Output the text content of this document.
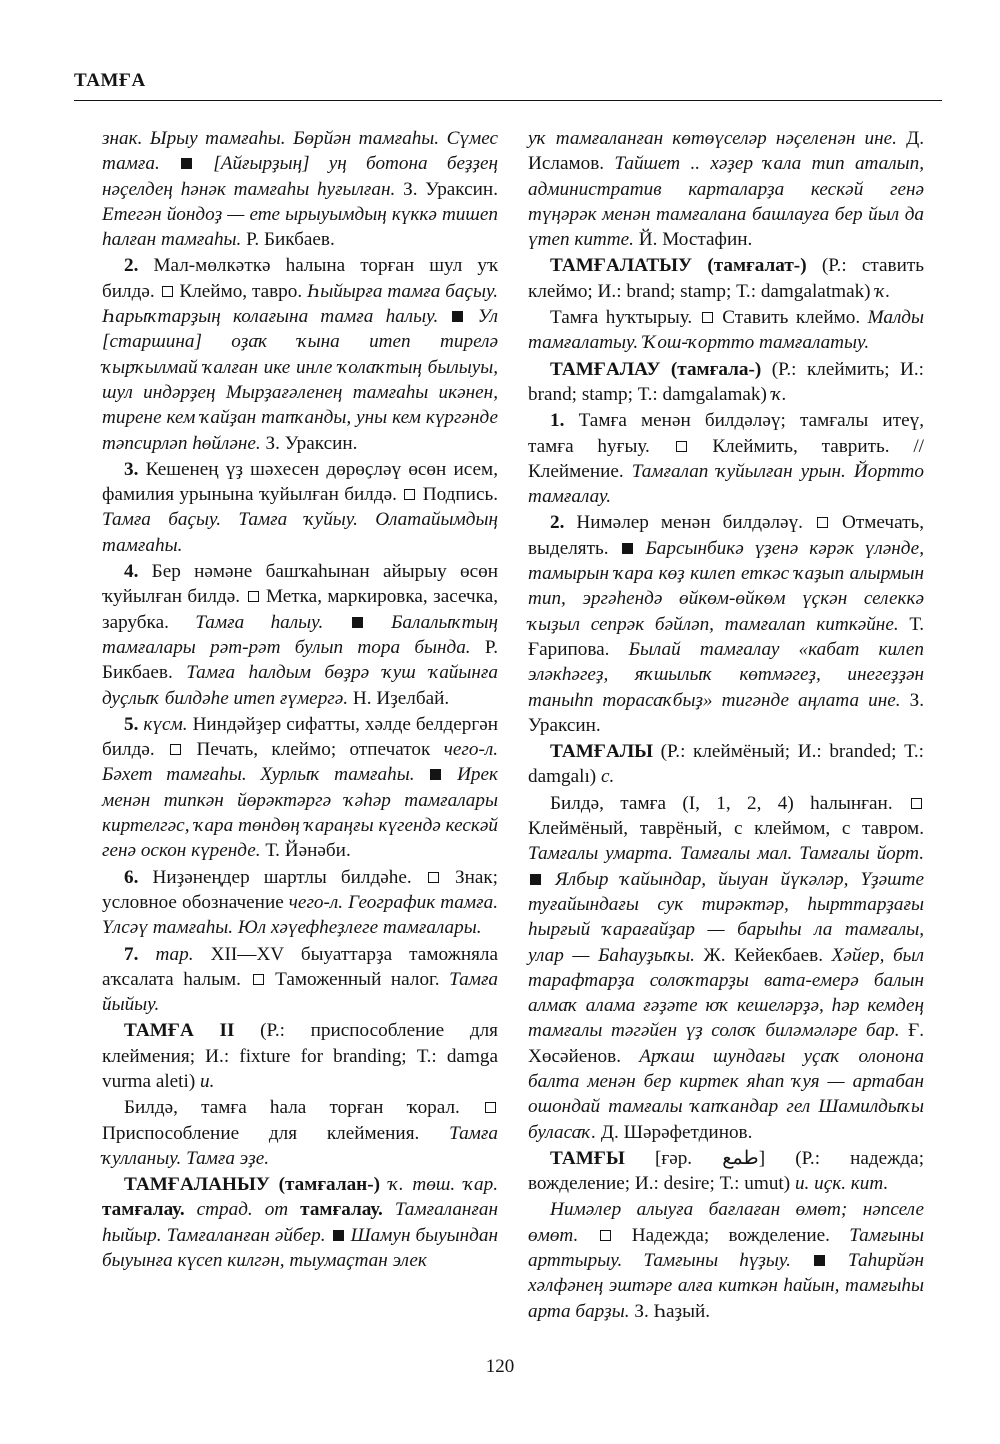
ТАМҒА

знак. Ырыу тамғаһы. Бөрйән тамғаһы. Сүмес тамға.	[Айғырҙың] уң ботона беҙҙең нәҫелдең һәнәк тамғаһы һуғылған. З. Ураксин. Етегән йондоҙ — ете ырыуымдың күккә тишеп һалған тамғаһы. Р. Бикбаев.

2. Мал-мөлкәткә һалына торған шул уҡ билдә. Клеймо, тавро. Һыйырға тамға баҫыу. Һарыҡтарҙың колағына тамға һалыу. Ул [старшина] оҙаҡ ҡына итеп тирелә ҡырҡылмай ҡалған ике инле ҡолаҡтың былыуы, шул индәрҙең Мырҙағәленең тамғаһы икәнен, тирене кем ҡайҙан тапҡанды, уны кем күргәнде тәпсирләп һөйләне. З. Ураксин.

3. Кешенең үҙ шәхесен дөрөҫләү өсөн исем, фамилия урынына ҡуйылған билдә. Подпись. Тамға баҫыу. Тамға ҡуйыу. Олатайымдың тамғаһы.

4. Бер нәмәне башҡаһынан айырыу өсөн ҡуйылған билдә. Метка, маркировка, засечка, зарубка. Тамға һалыу.	Балалыҡтың тамғалары рәт-рәт булып тора бында. Р. Бикбаев. Тамға һалдым бөҙрә ҡуш ҡайынға дуҫлыҡ билдәһе итеп ғүмергә. Н. Иҙелбай.

5. күсм. Ниндәйҙер сифатты, хәлде белдергән билдә. Печать, клеймо; отпечаток чего-л. Бәхет тамғаһы. Хурлыҡ тамғаһы. Ирек менән типкән йөрәктәргә ҡәһәр тамғалары киртелгәс, ҡара төндөң ҡараңғы күгендә кескәй генә оскон күренде. Т. Йәнәби.

6. Ниҙәнеңдер шартлы билдәһе. Знак; условное обозначение чего-л. Географик тамға. Үлсәү тамғаһы. Юл хәүефһеҙлеге тамғалары.

7. тар. XII—XV быуаттарҙа таможняла аҡсалата һалым. Таможенный налог. Тамға йыйыу.

ТАМҒА II (Р.: приспособление для клеймения; И.: fixture for branding; Т.: damga vurma aleti) и.

Билдә, тамға һала торған ҡорал.  Приспособление для клеймения. Тамға ҡулланыу. Тамға эҙе.

ТАМҒАЛАНЫУ (тамғалан-) ҡ. төш. ҡар. тамғалау. страд. от тамғалау. Тамғаланған һыйыр. Тамғаланған әйбер. Шамун быуындан быуынға күсеп килгән, тыумаҫтан элек

уҡ тамғаланған көтөүселәр нәҫеленән ине. Д. Исламов. Тайшет .. хәҙер ҡала тип аталып, административ карталарҙа кескәй генә түңәрәк менән тамғалана башлауға бер йыл да үтеп китте. Й. Мостафин.

ТАМҒАЛАТЫУ (тамғалат-) (Р.: ставить клеймо; И.: brand; stamp; Т.: damgalatmak) ҡ.

Тамға һуҡтырыу. Ставить клеймо. Малды тамғалатыу. Ҡош-ҡортто тамғалатыу.

ТАМҒАЛАУ (тамғала-) (Р.: клеймить; И.: brand; stamp; Т.: damgalamak) ҡ.

1. Тамға менән билдәләү; тамғалы итеү, тамға һуғыу.	Клеймить, таврить. // Клеймение. Тамғалап ҡуйылған урын. Йортто тамғалау.

2. Нимәлер менән билдәләү. Отмечать, выделять. Барсынбикә үҙенә кәрәк үләнде, тамырын ҡара көҙ килеп еткәс ҡаҙып алырмын тип, эргәһендә өйкөм-өйкөм үҫкән селеккә ҡыҙыл сепрәк бәйләп, тамғалап киткәйне. Т. Ғарипова. Былай тамғалау «кабат килеп эләкһәгеҙ, яҡшылыҡ көтмәгеҙ, инегеҙҙән таныһп торасаҡбыҙ» тигәнде аңлата ине. З. Ураксин.

ТАМҒАЛЫ (Р.: клеймёный; И.: branded; Т.: damgalı) с.

Билдә, тамға (I, 1, 2, 4) һалынған.  Клеймёный, таврёный, с клеймом, с тавром. Тамғалы умарта. Тамғалы мал. Тамғалы йорт.  Ялбыр ҡайындар, йыуан йүкәләр, Үҙәште туғайындағы сук тирәктәр, һырттарҙағы һырғый ҡарағайҙар — барыһы ла тамғалы, улар — Баһауҙыҡы. Ж. Кейекбаев. Хәйер, был тарафтарҙа солоҡтарҙы вата-емерә балын алмаҡ алама ғәҙәте юҡ кешеләрҙә, һәр кемдең тамғалы тәгәйен үҙ солоҡ биләмәләре бар. Ғ. Хөсәйенов. Арҡаш шундағы уҫаҡ олонона балта менән бер киртек яһап ҡуя — артабан ошондай тамғалы ҡапҡандар гел Шамилдыҡы буласаҡ. Д. Шәрәфетдинов.

ТАМҒЫ [ғәр. طمع] (Р.: надежда; вожделение; И.: desire; Т.: umut) и. иҫк. кит.

Нимәлер алыуға бағлаған өмөт; нәпселе өмөт.	Надежда; вожделение. Тамғыны арттырыу. Тамғыны һүҙыу.	Таһирйән хәлфәнең эштәре алға киткән һайын, тамғыһы арта барҙы. З. Һаҙый.

120
